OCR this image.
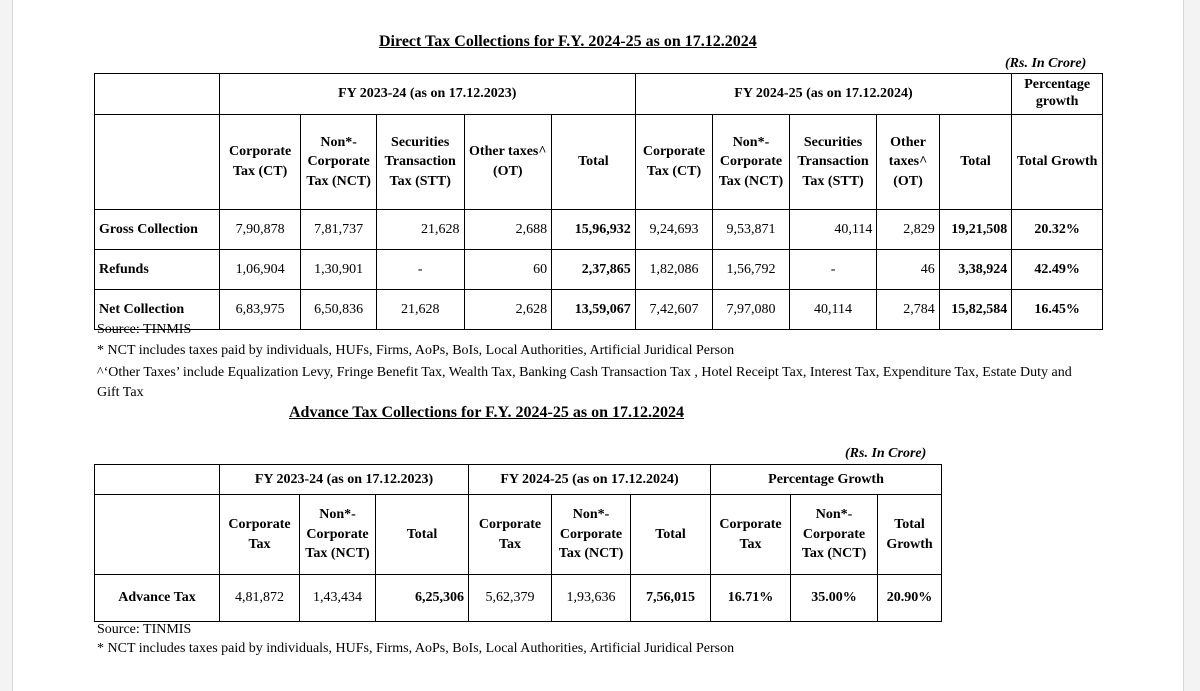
Direct Tax Collections for F.Y. 2024-25 as on 17.12.2024
(Rs. In Crore)
	FY 2023-24 (as on 17.12.2023)					FY 2024-25 (as on 17.12.2024)					Percentage growth
	Corporate Tax (CT)	Non*- Corporate Tax (NCT)	Securities Transaction Tax (STT)	Other taxes^ (OT)	Total	Corporate Tax (CT)	Non*- Corporate Tax (NCT)	Securities Transaction Tax (STT)	Other taxes^ (OT)	Total	Total Growth
Gross Collection	7,90,878	7,81,737	21,628	2,688	15,96,932	9,24,693	9,53,871	40,114	2,829	19,21,508	20.32%
Refunds	1,06,904	1,30,901	-	60	2,37,865	1,82,086	1,56,792	-	46	3,38,924	42.49%
Net Collection	6,83,975	6,50,836	21,628	2,628	13,59,067	7,42,607	7,97,080	40,114	2,784	15,82,584	16.45%
Source: TINMIS
* NCT includes taxes paid by individuals, HUFs, Firms, AoPs, BoIs, Local Authorities, Artificial Juridical Person
^‘Other Taxes’ include Equalization Levy, Fringe Benefit Tax, Wealth Tax, Banking Cash Transaction Tax , Hotel Receipt Tax, Interest Tax, Expenditure Tax, Estate Duty and Gift Tax
Advance Tax Collections for F.Y. 2024-25 as on 17.12.2024
(Rs. In Crore)
	FY 2023-24 (as on 17.12.2023)			FY 2024-25 (as on 17.12.2024)			Percentage Growth		
	Corporate Tax	Non*- Corporate Tax (NCT)	Total	Corporate Tax	Non*- Corporate Tax (NCT)	Total	Corporate Tax	Non*- Corporate Tax (NCT)	Total Growth
Advance Tax	4,81,872	1,43,434	6,25,306	5,62,379	1,93,636	7,56,015	16.71%	35.00%	20.90%
Source: TINMIS
* NCT includes taxes paid by individuals, HUFs, Firms, AoPs, BoIs, Local Authorities, Artificial Juridical Person
